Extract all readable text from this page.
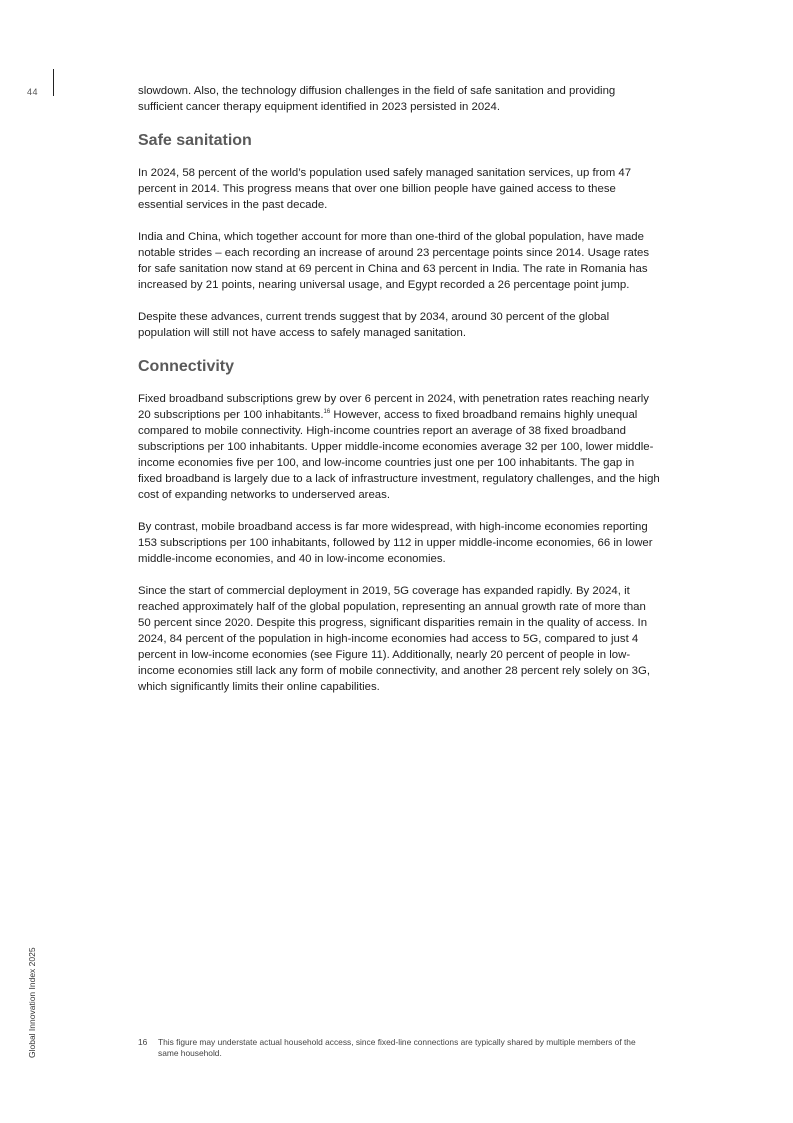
44	slowdown. Also, the technology diffusion challenges in the field of safe sanitation and providing sufficient cancer therapy equipment identified in 2023 persisted in 2024.

Safe sanitation

In 2024, 58 percent of the world’s population used safely managed sanitation services, up from 47 percent in 2014. This progress means that over one billion people have gained access to these essential services in the past decade.

India and China, which together account for more than one-third of the global population, have made notable strides – each recording an increase of around 23 percentage points since 2014. Usage rates for safe sanitation now stand at 69 percent in China and 63 percent in India. The rate in Romania has increased by 21 points, nearing universal usage, and Egypt recorded a 26 percentage point jump.

Despite these advances, current trends suggest that by 2034, around 30 percent of the global population will still not have access to safely managed sanitation.

Connectivity

Fixed broadband subscriptions grew by over 6 percent in 2024, with penetration rates reaching nearly 20 subscriptions per 100 inhabitants.$^{16}$ However, access to fixed broadband remains highly unequal compared to mobile connectivity. High-income countries report an average of 38 fixed broadband subscriptions per 100 inhabitants. Upper middle-income economies average 32 per 100, lower middle-income economies five per 100, and low-income countries just one per 100 inhabitants. The gap in fixed broadband is largely due to a lack of infrastructure investment, regulatory challenges, and the high cost of expanding networks to underserved areas.

By contrast, mobile broadband access is far more widespread, with high-income economies reporting 153 subscriptions per 100 inhabitants, followed by 112 in upper middle-income economies, 66 in lower middle-income economies, and 40 in low-income economies.

Since the start of commercial deployment in 2019, 5G coverage has expanded rapidly. By 2024, it reached approximately half of the global population, representing an annual growth rate of more than 50 percent since 2020. Despite this progress, significant disparities remain in the quality of access. In 2024, 84 percent of the population in high-income economies had access to 5G, compared to just 4 percent in low-income economies (see Figure 11). Additionally, nearly 20 percent of people in low-income economies still lack any form of mobile connectivity, and another 28 percent rely solely on 3G, which significantly limits their online capabilities.

Global Innovation Index 2025	16	This figure may understate actual household access, since fixed-line connections are typically shared by multiple members of the same household.
